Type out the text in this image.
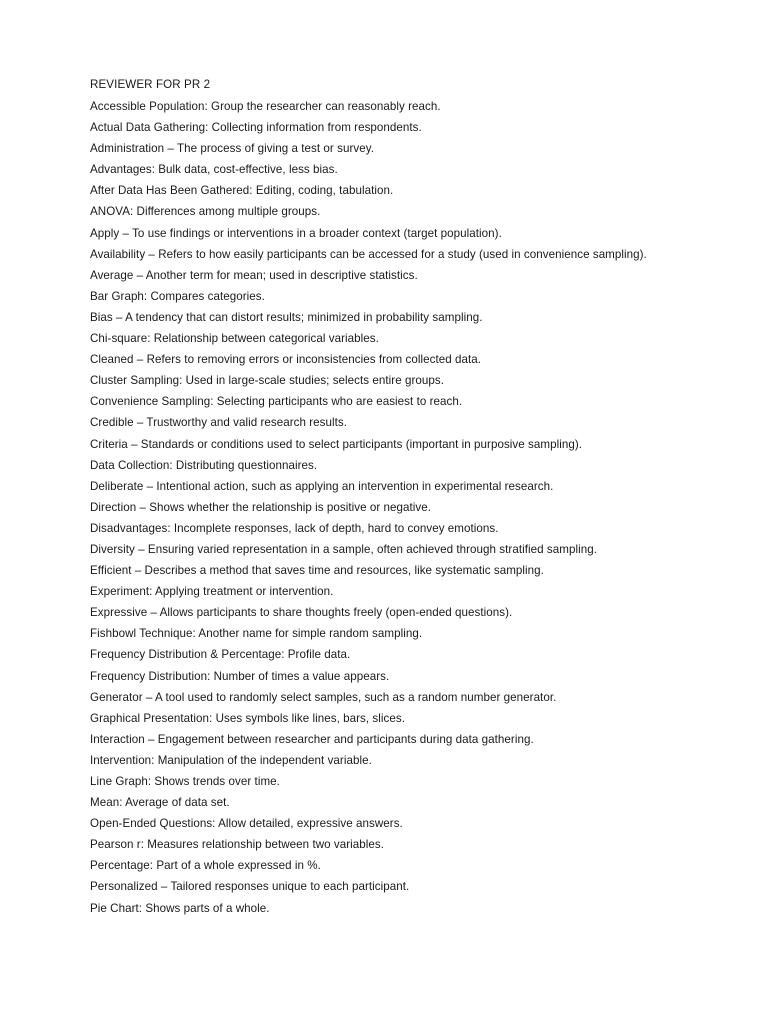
REVIEWER FOR PR 2
Accessible Population: Group the researcher can reasonably reach.
Actual Data Gathering: Collecting information from respondents.
Administration – The process of giving a test or survey.
Advantages: Bulk data, cost-effective, less bias.
After Data Has Been Gathered: Editing, coding, tabulation.
ANOVA: Differences among multiple groups.
Apply – To use findings or interventions in a broader context (target population).
Availability – Refers to how easily participants can be accessed for a study (used in convenience sampling).
Average – Another term for mean; used in descriptive statistics.
Bar Graph: Compares categories.
Bias – A tendency that can distort results; minimized in probability sampling.
Chi-square: Relationship between categorical variables.
Cleaned – Refers to removing errors or inconsistencies from collected data.
Cluster Sampling: Used in large-scale studies; selects entire groups.
Convenience Sampling: Selecting participants who are easiest to reach.
Credible – Trustworthy and valid research results.
Criteria – Standards or conditions used to select participants (important in purposive sampling).
Data Collection: Distributing questionnaires.
Deliberate – Intentional action, such as applying an intervention in experimental research.
Direction – Shows whether the relationship is positive or negative.
Disadvantages: Incomplete responses, lack of depth, hard to convey emotions.
Diversity – Ensuring varied representation in a sample, often achieved through stratified sampling.
Efficient – Describes a method that saves time and resources, like systematic sampling.
Experiment: Applying treatment or intervention.
Expressive – Allows participants to share thoughts freely (open-ended questions).
Fishbowl Technique: Another name for simple random sampling.
Frequency Distribution & Percentage: Profile data.
Frequency Distribution: Number of times a value appears.
Generator – A tool used to randomly select samples, such as a random number generator.
Graphical Presentation: Uses symbols like lines, bars, slices.
Interaction – Engagement between researcher and participants during data gathering.
Intervention: Manipulation of the independent variable.
Line Graph: Shows trends over time.
Mean: Average of data set.
Open-Ended Questions: Allow detailed, expressive answers.
Pearson r: Measures relationship between two variables.
Percentage: Part of a whole expressed in %.
Personalized – Tailored responses unique to each participant.
Pie Chart: Shows parts of a whole.
